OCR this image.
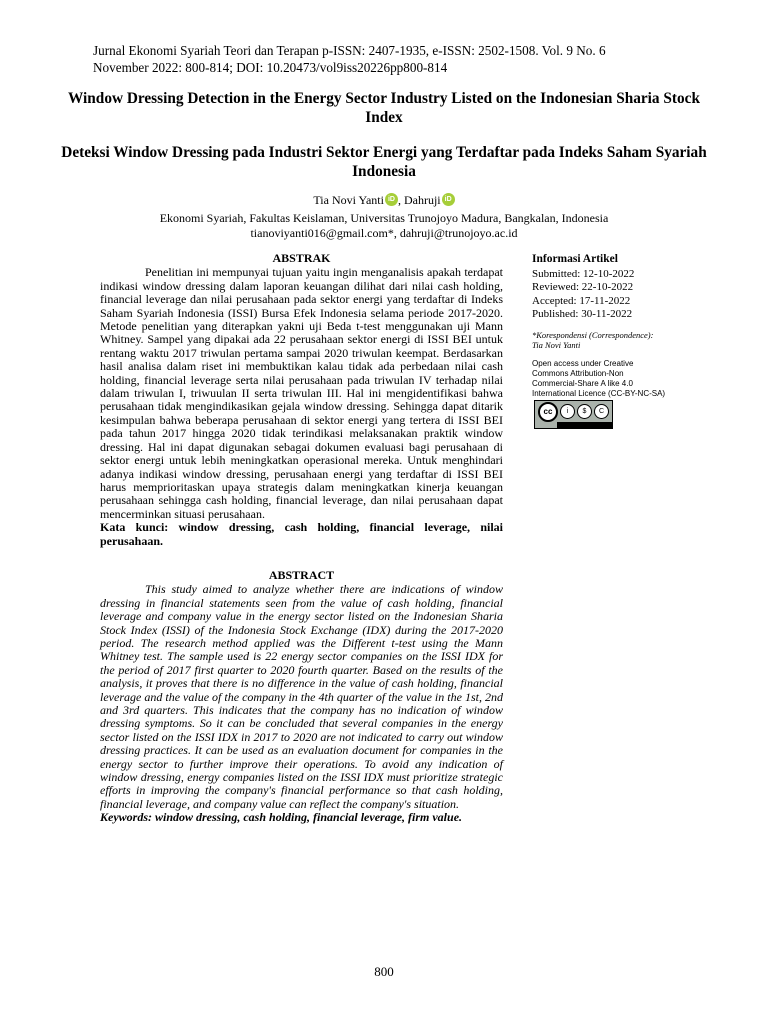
Jurnal Ekonomi Syariah Teori dan Terapan p-ISSN: 2407-1935, e-ISSN: 2502-1508. Vol. 9 No. 6
November 2022: 800-814; DOI: 10.20473/vol9iss20226pp800-814
Window Dressing Detection in the Energy Sector Industry Listed on the Indonesian Sharia Stock Index
Deteksi Window Dressing pada Industri Sektor Energi yang Terdaftar pada Indeks Saham Syariah Indonesia
Tia Novi Yanti iD , Dahruji iD
Ekonomi Syariah, Fakultas Keislaman, Universitas Trunojoyo Madura, Bangkalan, Indonesia
tianoviyanti016@gmail.com*, dahruji@trunojoyo.ac.id
ABSTRAK

Penelitian ini mempunyai tujuan yaitu ingin menganalisis apakah terdapat indikasi window dressing dalam laporan keuangan dilihat dari nilai cash holding, financial leverage dan nilai perusahaan pada sektor energi yang terdaftar di Indeks Saham Syariah Indonesia (ISSI) Bursa Efek Indonesia selama periode 2017-2020. Metode penelitian yang diterapkan yakni uji Beda t-test menggunakan uji Mann Whitney. Sampel yang dipakai ada 22 perusahaan sektor energi di ISSI BEI untuk rentang waktu 2017 triwulan pertama sampai 2020 triwulan keempat. Berdasarkan hasil analisa dalam riset ini membuktikan kalau tidak ada perbedaan nilai cash holding, financial leverage serta nilai perusahaan pada triwulan IV terhadap nilai dalam triwulan I, triwuulan II serta triwulan III. Hal ini mengidentifikasi bahwa perusahaan tidak mengindikasikan gejala window dressing. Sehingga dapat ditarik kesimpulan bahwa beberapa perusahaan di sektor energi yang tertera di ISSI BEI pada tahun 2017 hingga 2020 tidak terindikasi melaksanakan praktik window dressing. Hal ini dapat digunakan sebagai dokumen evaluasi bagi perusahaan di sektor energi untuk lebih meningkatkan operasional mereka. Untuk menghindari adanya indikasi window dressing, perusahaan energi yang terdaftar di ISSI BEI harus memprioritaskan upaya strategis dalam meningkatkan kinerja keuangan perusahaan sehingga cash holding, financial leverage, dan nilai perusahaan dapat mencerminkan situasi perusahaan.

Kata kunci: window dressing, cash holding, financial leverage, nilai perusahaan.

ABSTRACT

This study aimed to analyze whether there are indications of window dressing in financial statements seen from the value of cash holding, financial leverage and company value in the energy sector listed on the Indonesian Sharia Stock Index (ISSI) of the Indonesia Stock Exchange (IDX) during the 2017-2020 period. The research method applied was the Different t-test using the Mann Whitney test. The sample used is 22 energy sector companies on the ISSI IDX for the period of 2017 first quarter to 2020 fourth quarter. Based on the results of the analysis, it proves that there is no difference in the value of cash holding, financial leverage and the value of the company in the 4th quarter of the value in the 1st, 2nd and 3rd quarters. This indicates that the company has no indication of window dressing symptoms. So it can be concluded that several companies in the energy sector listed on the ISSI IDX in 2017 to 2020 are not indicated to carry out window dressing practices. It can be used as an evaluation document for companies in the energy sector to further improve their operations. To avoid any indication of window dressing, energy companies listed on the ISSI IDX must prioritize strategic efforts in improving the company's financial performance so that cash holding, financial leverage, and company value can reflect the company's situation.

Keywords: window dressing, cash holding, financial leverage, firm value.

Informasi Artikel
Submitted: 12-10-2022
Reviewed: 22-10-2022
Accepted: 17-11-2022
Published: 30-11-2022
*Korespondensi (Correspondence):
Tia Novi Yanti
Open access under Creative Commons Attribution-Non Commercial-Share A like 4.0 International Licence (CC-BY-NC-SA)
cc	i	$	C
800
